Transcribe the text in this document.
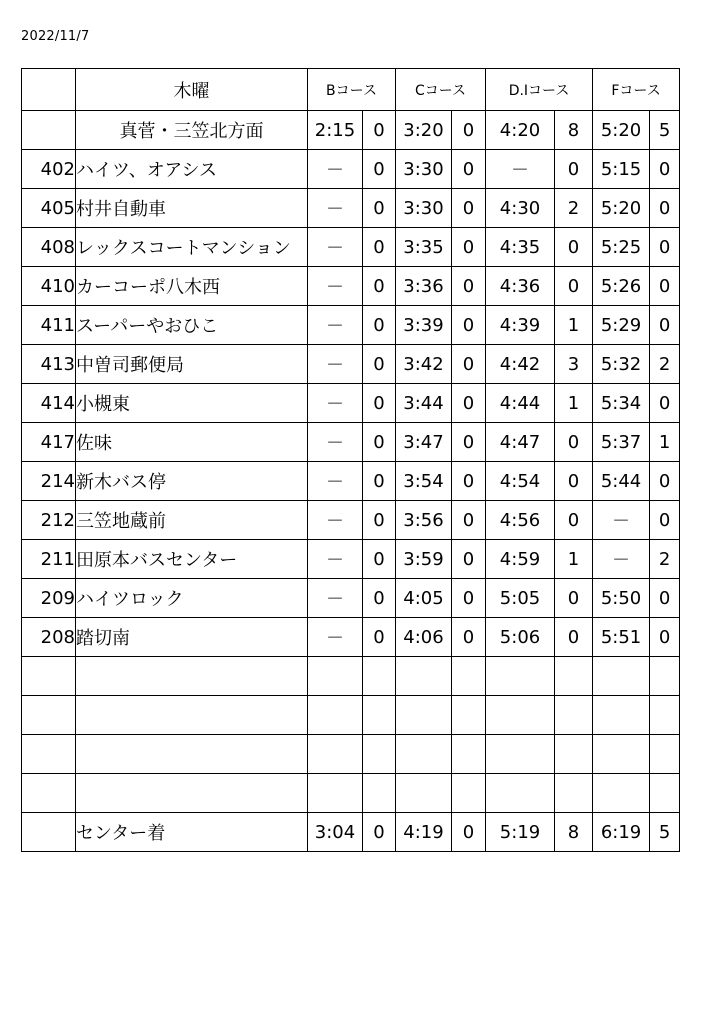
2022/11/7
	木曜	Bコース		Cコース		D.Iコース		Fコース	
	真菅・三笠北方面	2:15	0	3:20	0	4:20	8	5:20	5
402	ハイツ、オアシス	－	0	3:30	0	－	0	5:15	0
405	村井自動車	－	0	3:30	0	4:30	2	5:20	0
408	レックスコートマンション	－	0	3:35	0	4:35	0	5:25	0
410	カーコーポ八木西	－	0	3:36	0	4:36	0	5:26	0
411	スーパーやおひこ	－	0	3:39	0	4:39	1	5:29	0
413	中曽司郵便局	－	0	3:42	0	4:42	3	5:32	2
414	小槻東	－	0	3:44	0	4:44	1	5:34	0
417	佐味	－	0	3:47	0	4:47	0	5:37	1
214	新木バス停	－	0	3:54	0	4:54	0	5:44	0
212	三笠地蔵前	－	0	3:56	0	4:56	0	－	0
211	田原本バスセンター	－	0	3:59	0	4:59	1	－	2
209	ハイツロック	－	0	4:05	0	5:05	0	5:50	0
208	踏切南	－	0	4:06	0	5:06	0	5:51	0

	センター着	3:04	0	4:19	0	5:19	8	6:19	5
